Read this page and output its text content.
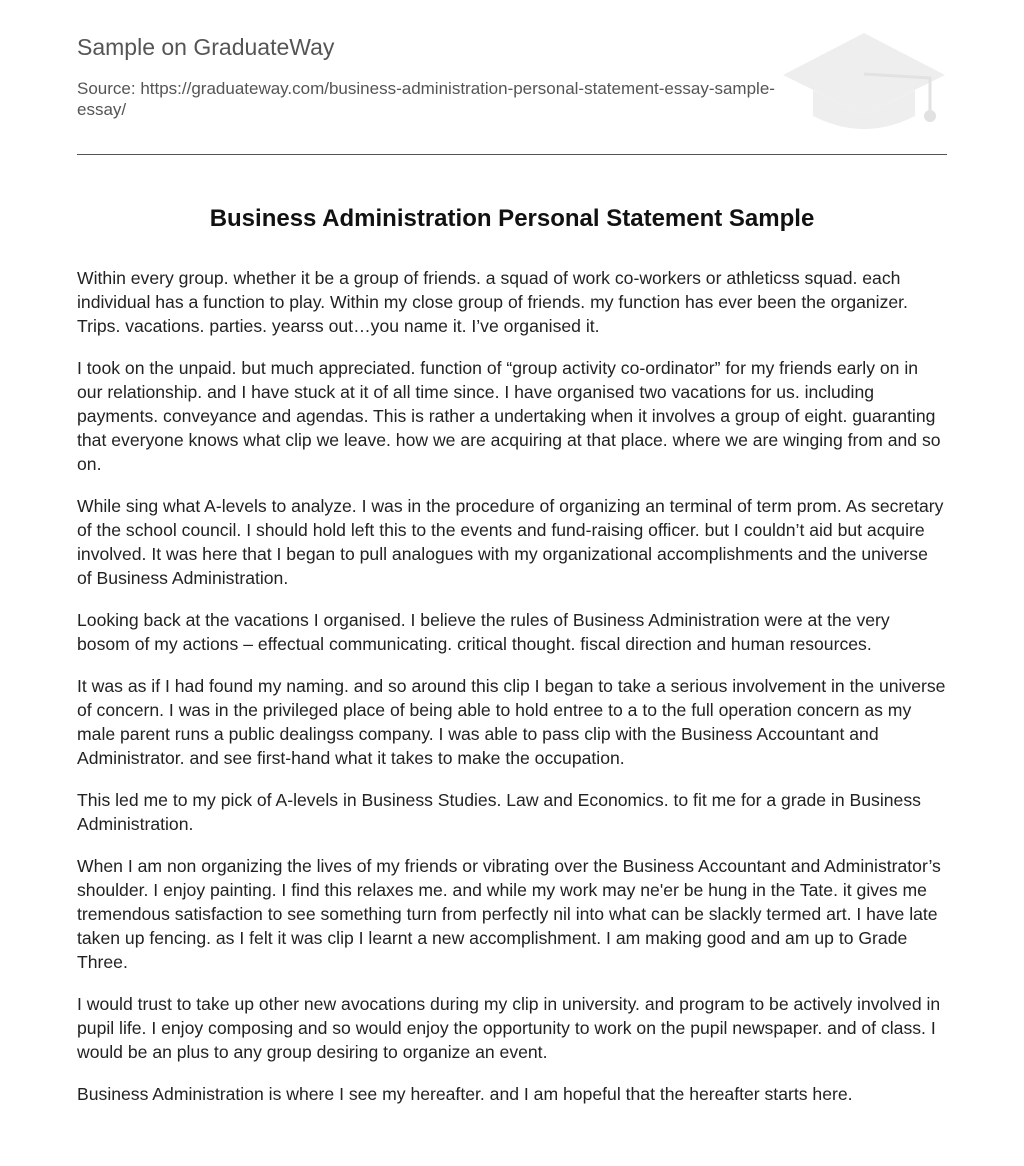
Sample on GraduateWay
Source: https://graduateway.com/business-administration-personal-statement-essay-sample-essay/
Business Administration Personal Statement Sample

Within every group. whether it be a group of friends. a squad of work co-workers or athleticss squad. each individual has a function to play. Within my close group of friends. my function has ever been the organizer. Trips. vacations. parties. yearss out…you name it. I’ve organised it.

I took on the unpaid. but much appreciated. function of “group activity co-ordinator” for my friends early on in our relationship. and I have stuck at it of all time since. I have organised two vacations for us. including payments. conveyance and agendas. This is rather a undertaking when it involves a group of eight. guaranting that everyone knows what clip we leave. how we are acquiring at that place. where we are winging from and so on.

While sing what A-levels to analyze. I was in the procedure of organizing an terminal of term prom. As secretary of the school council. I should hold left this to the events and fund-raising officer. but I couldn’t aid but acquire involved. It was here that I began to pull analogues with my organizational accomplishments and the universe of Business Administration.

Looking back at the vacations I organised. I believe the rules of Business Administration were at the very bosom of my actions – effectual communicating. critical thought. fiscal direction and human resources.

It was as if I had found my naming. and so around this clip I began to take a serious involvement in the universe of concern. I was in the privileged place of being able to hold entree to a to the full operation concern as my male parent runs a public dealingss company. I was able to pass clip with the Business Accountant and Administrator. and see first-hand what it takes to make the occupation.

This led me to my pick of A-levels in Business Studies. Law and Economics. to fit me for a grade in Business Administration.

When I am non organizing the lives of my friends or vibrating over the Business Accountant and Administrator’s shoulder. I enjoy painting. I find this relaxes me. and while my work may ne'er be hung in the Tate. it gives me tremendous satisfaction to see something turn from perfectly nil into what can be slackly termed art. I have late taken up fencing. as I felt it was clip I learnt a new accomplishment. I am making good and am up to Grade Three.

I would trust to take up other new avocations during my clip in university. and program to be actively involved in pupil life. I enjoy composing and so would enjoy the opportunity to work on the pupil newspaper. and of class. I would be an plus to any group desiring to organize an event.

Business Administration is where I see my hereafter. and I am hopeful that the hereafter starts here.
